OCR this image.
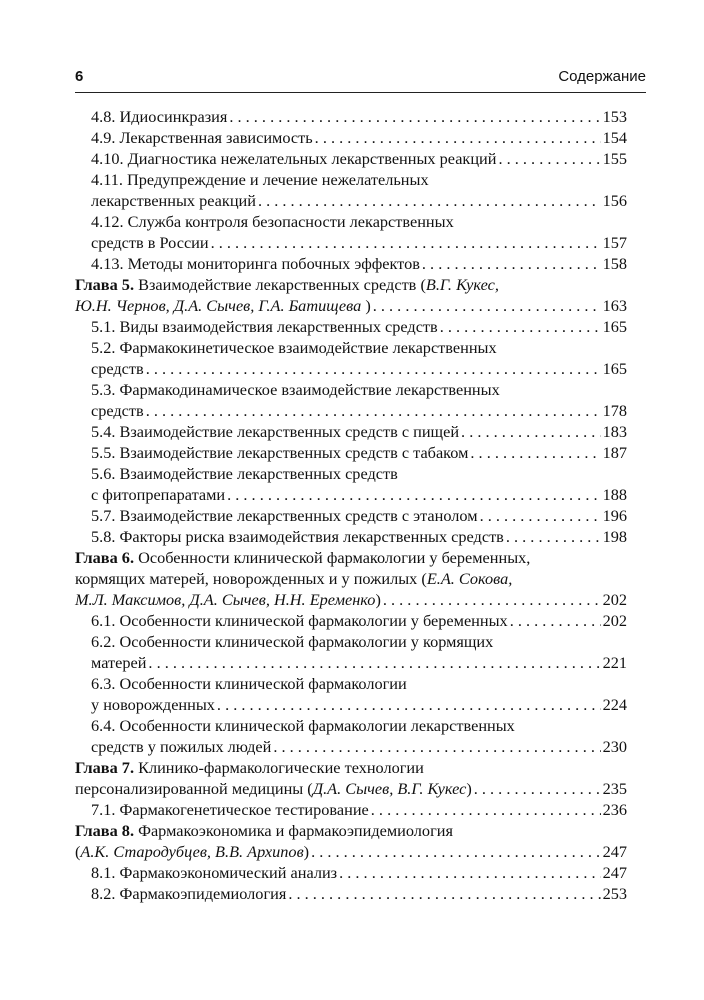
6	Содержание
4.8. Идиосинкразия . . .	153
4.9. Лекарственная зависимость . . .	154
4.10. Диагностика нежелательных лекарственных реакций . . .	155
4.11. Предупреждение и лечение нежелательных
лекарственных реакций . . .	156
4.12. Служба контроля безопасности лекарственных
средств в России . . .	157
4.13. Методы мониторинга побочных эффектов . . .	158
Глава 5.
Взаимодействие лекарственных средств ( В.Г. Кукес,
Ю.Н. Чернов, Д.А. Сычев, Г.А. Батищева
) . . .	163
5.1. Виды взаимодействия лекарственных средств . . .	165
5.2. Фармакокинетическое взаимодействие лекарственных
средств . . .	165
5.3. Фармакодинамическое взаимодействие лекарственных
средств . . .	178
5.4. Взаимодействие лекарственных средств с пищей . . .	183
5.5. Взаимодействие лекарственных средств с табаком . . .	187
5.6. Взаимодействие лекарственных средств
с фитопрепаратами . . .	188
5.7. Взаимодействие лекарственных средств с этанолом . . .	196
5.8. Факторы риска взаимодействия лекарственных средств . . .	198
Глава 6.
Особенности клинической фармакологии у беременных,
кормящих матерей, новорожденных и у пожилых ( Е.А. Сокова,
М.Л. Максимов, Д.А. Сычев, Н.Н. Еременко ) . . .	202
6.1. Особенности клинической фармакологии у беременных . . .	202
6.2. Особенности клинической фармакологии у кормящих
матерей . . .	221
6.3. Особенности клинической фармакологии
у новорожденных . . .	224
6.4. Особенности клинической фармакологии лекарственных
средств у пожилых людей . . .	230
Глава 7.
Клинико-фармакологические технологии
персонализированной медицины ( Д.А. Сычев, В.Г. Кукес ) . . .	235
7.1. Фармакогенетическое тестирование . . .	236
Глава 8.
Фармакоэкономика и фармакоэпидемиология
( А.К. Стародубцев, В.В. Архипов ) . . .	247
8.1. Фармакоэкономический анализ . . .	247
8.2. Фармакоэпидемиология . . .	253
